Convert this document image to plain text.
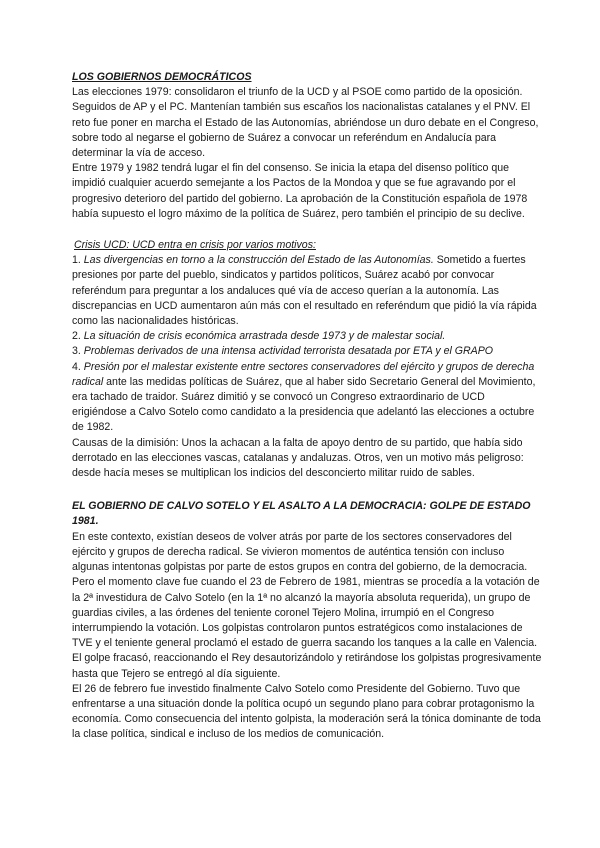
LOS GOBIERNOS DEMOCRÁTICOS

Las elecciones 1979: consolidaron el triunfo de la UCD y al PSOE como partido de la oposición. Seguidos de AP y el PC. Mantenían también sus escaños los nacionalistas catalanes y el PNV. El reto fue poner en marcha el Estado de las Autonomías, abriéndose un duro debate en el Congreso, sobre todo al negarse el gobierno de Suárez a convocar un referéndum en Andalucía para determinar la vía de acceso.

Entre 1979 y 1982 tendrá lugar el fin del consenso. Se inicia la etapa del disenso político que impidió cualquier acuerdo semejante a los Pactos de la Mondoa y que se fue agravando por el progresivo deterioro del partido del gobierno. La aprobación de la Constitución española de 1978 había supuesto el logro máximo de la política de Suárez, pero también el principio de su declive.

Crisis UCD: UCD entra en crisis por varios motivos:

1. Las divergencias en torno a la construcción del Estado de las Autonomías. Sometido a fuertes presiones por parte del pueblo, sindicatos y partidos políticos, Suárez acabó por convocar referéndum para preguntar a los andaluces qué vía de acceso querían a la autonomía. Las discrepancias en UCD aumentaron aún más con el resultado en referéndum que pidió la vía rápida como las nacionalidades históricas.

2. La situación de crisis económica arrastrada desde 1973 y de malestar social.

3. Problemas derivados de una intensa actividad terrorista desatada por ETA y el GRAPO

4. Presión por el malestar existente entre sectores conservadores del ejército y grupos de derecha radical ante las medidas políticas de Suárez, que al haber sido Secretario General del Movimiento, era tachado de traidor. Suárez dimitió y se convocó un Congreso extraordinario de UCD erigiéndose a Calvo Sotelo como candidato a la presidencia que adelantó las elecciones a octubre de 1982.

Causas de la dimisión: Unos la achacan a la falta de apoyo dentro de su partido, que había sido derrotado en las elecciones vascas, catalanas y andaluzas. Otros, ven un motivo más peligroso: desde hacía meses se multiplican los indicios del desconcierto militar ruido de sables.

EL GOBIERNO DE CALVO SOTELO Y EL ASALTO A LA DEMOCRACIA: GOLPE DE ESTADO 1981.

En este contexto, existían deseos de volver atrás por parte de los sectores conservadores del ejército y grupos de derecha radical. Se vivieron momentos de auténtica tensión con incluso algunas intentonas golpistas por parte de estos grupos en contra del gobierno, de la democracia. Pero el momento clave fue cuando el 23 de Febrero de 1981, mientras se procedía a la votación de la 2ª investidura de Calvo Sotelo (en la 1ª no alcanzó la mayoría absoluta requerida), un grupo de guardias civiles, a las órdenes del teniente coronel Tejero Molina, irrumpió en el Congreso interrumpiendo la votación. Los golpistas controlaron puntos estratégicos como instalaciones de TVE y el teniente general proclamó el estado de guerra sacando los tanques a la calle en Valencia. El golpe fracasó, reaccionando el Rey desautorizándolo y retirándose los golpistas progresivamente hasta que Tejero se entregó al día siguiente.

El 26 de febrero fue investido finalmente Calvo Sotelo como Presidente del Gobierno. Tuvo que enfrentarse a una situación donde la política ocupó un segundo plano para cobrar protagonismo la economía. Como consecuencia del intento golpista, la moderación será la tónica dominante de toda la clase política, sindical e incluso de los medios de comunicación.
